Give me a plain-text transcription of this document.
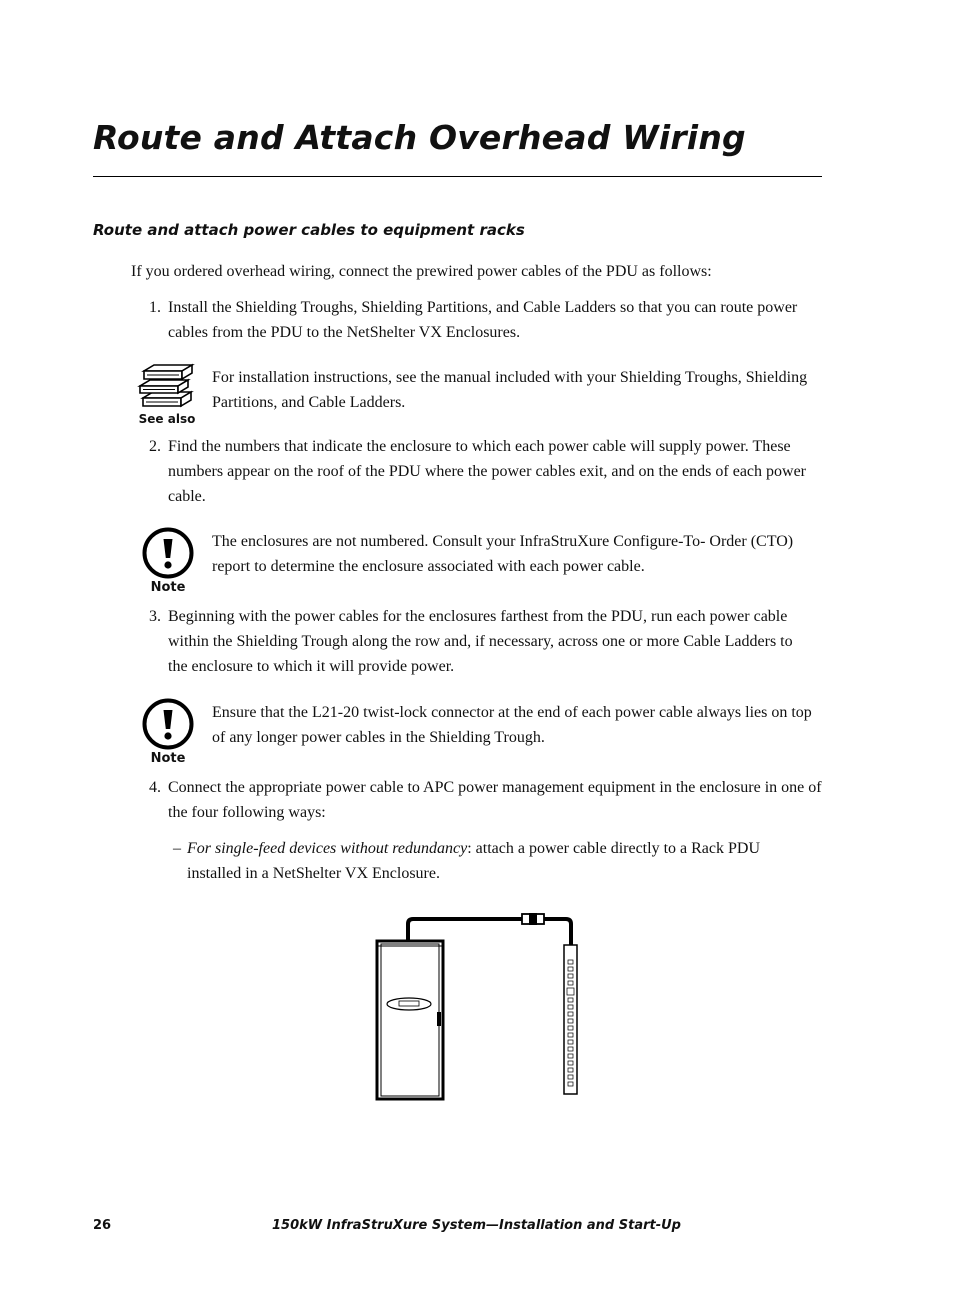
Route and Attach Overhead Wiring
Route and attach power cables to equipment racks

If you ordered overhead wiring, connect the prewired power cables of the PDU as follows:

1. Install the Shielding Troughs, Shielding Partitions, and Cable Ladders so that you can route power cables from the PDU to the NetShelter VX Enclosures.

See also

For installation instructions, see the manual included with your Shielding Troughs, Shielding Partitions, and Cable Ladders.

2. Find the numbers that indicate the enclosure to which each power cable will supply power. These numbers appear on the roof of the PDU where the power cables exit, and on the ends of each power cable.

Note

The enclosures are not numbered. Consult your InfraStruXure Configure-To- Order (CTO) report to determine the enclosure associated with each power cable.

3. Beginning with the power cables for the enclosures farthest from the PDU, run each power cable within the Shielding Trough along the row and, if necessary, across one or more Cable Ladders to the enclosure to which it will provide power.

Note

Ensure that the L21-20 twist-lock connector at the end of each power cable always lies on top of any longer power cables in the Shielding Trough.

4. Connect the appropriate power cable to APC power management equipment in the enclosure in one of the four following ways:

– For single-feed devices without redundancy: attach a power cable directly to a Rack PDU installed in a NetShelter VX Enclosure.

26	150kW InfraStruXure System—Installation and Start-Up
